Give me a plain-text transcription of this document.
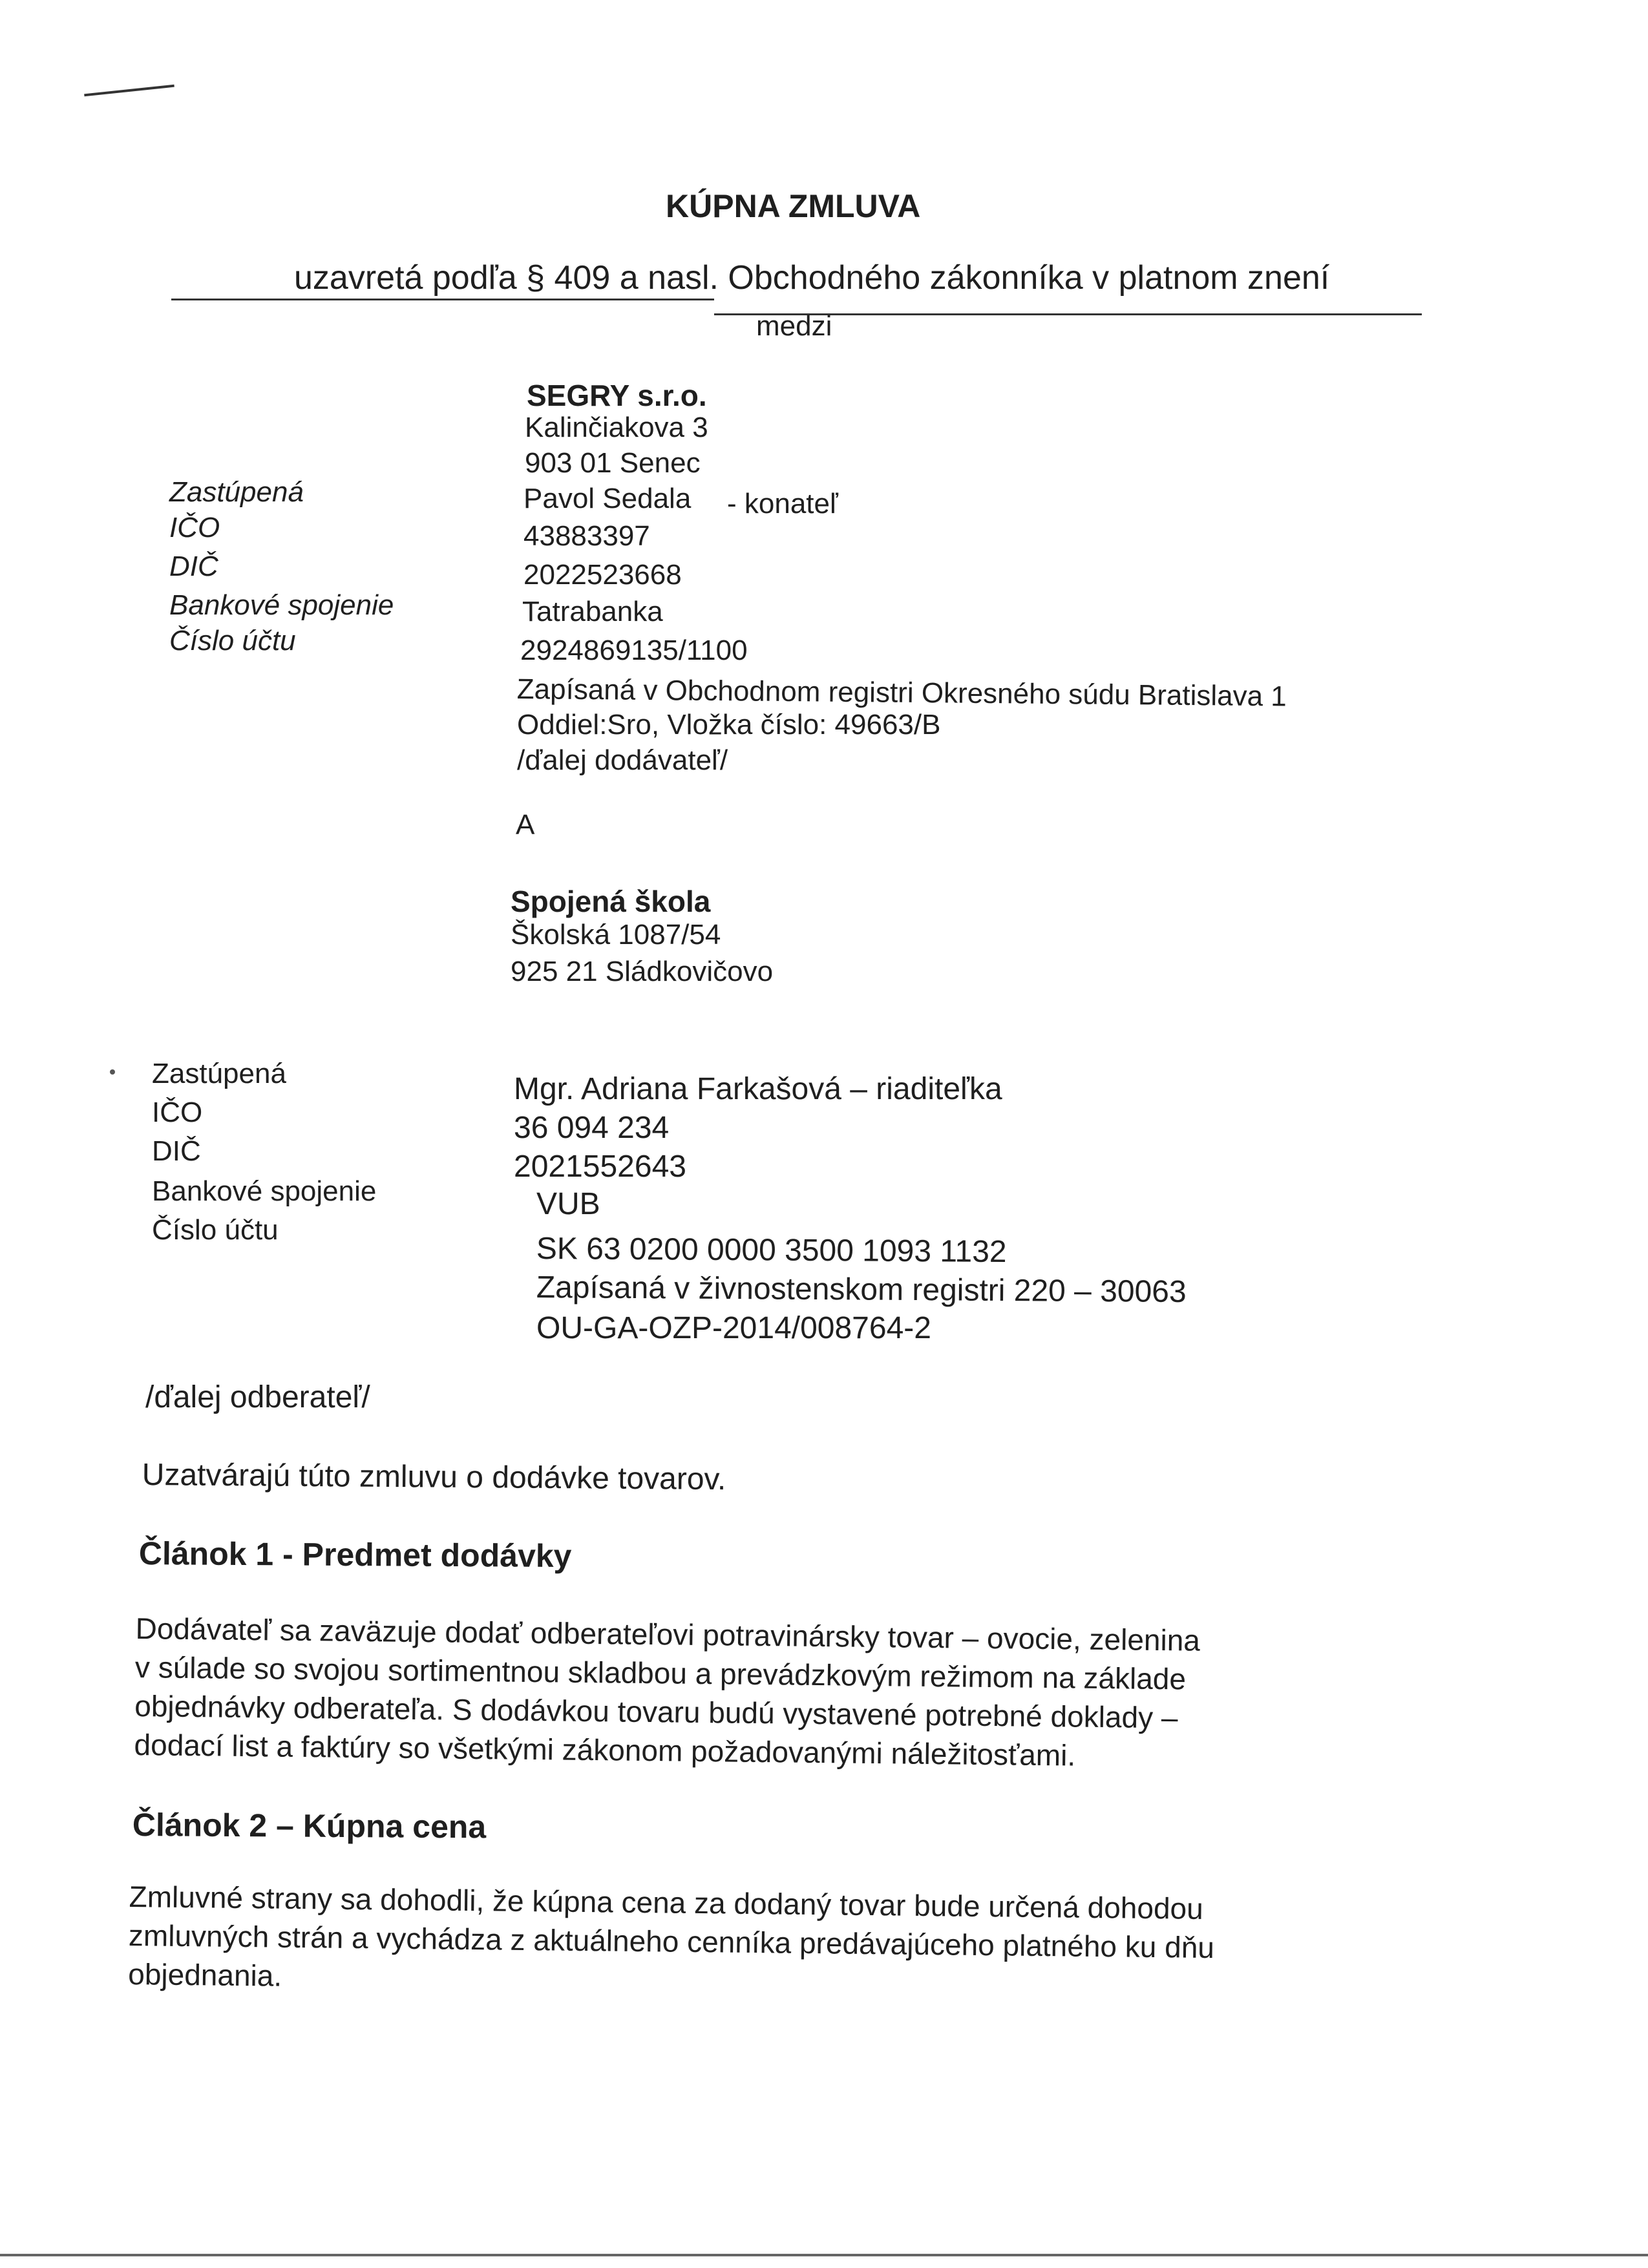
KÚPNA ZMLUVA
uzavretá podľa § 409 a nasl. Obchodného zákonníka v platnom znení
medzi
Zastúpená
IČO
DIČ
Bankové spojenie
Číslo účtu
SEGRY s.r.o.
Kalinčiakova 3
903 01 Senec
Pavol Sedala - konateľ
43883397
2022523668
Tatrabanka
2924869135/1100
Zapísaná v Obchodnom registri Okresného súdu Bratislava 1
Oddiel:Sro, Vložka číslo: 49663/B
/ďalej dodávateľ/
A
Spojená škola
Školská 1087/54
925 21 Sládkovičovo
Zastúpená
IČO
DIČ
Bankové spojenie
Číslo účtu
Mgr. Adriana Farkašová – riaditeľka
36 094 234
2021552643
VUB
SK 63 0200 0000 3500 1093 1132
Zapísaná v živnostenskom registri 220 – 30063
OU-GA-OZP-2014/008764-2
/ďalej odberateľ/
Uzatvárajú túto zmluvu o dodávke tovarov.
Článok 1 - Predmet dodávky
Dodávateľ sa zaväzuje dodať odberateľovi potravinársky tovar – ovocie, zelenina
v súlade so svojou sortimentnou skladbou a prevádzkovým režimom na základe
objednávky odberateľa. S dodávkou tovaru budú vystavené potrebné doklady –
dodací list a faktúry so všetkými zákonom požadovanými náležitosťami.
Článok 2 – Kúpna cena
Zmluvné strany sa dohodli, že kúpna cena za dodaný tovar bude určená dohodou
zmluvných strán a vychádza z aktuálneho cenníka predávajúceho platného ku dňu
objednania.
